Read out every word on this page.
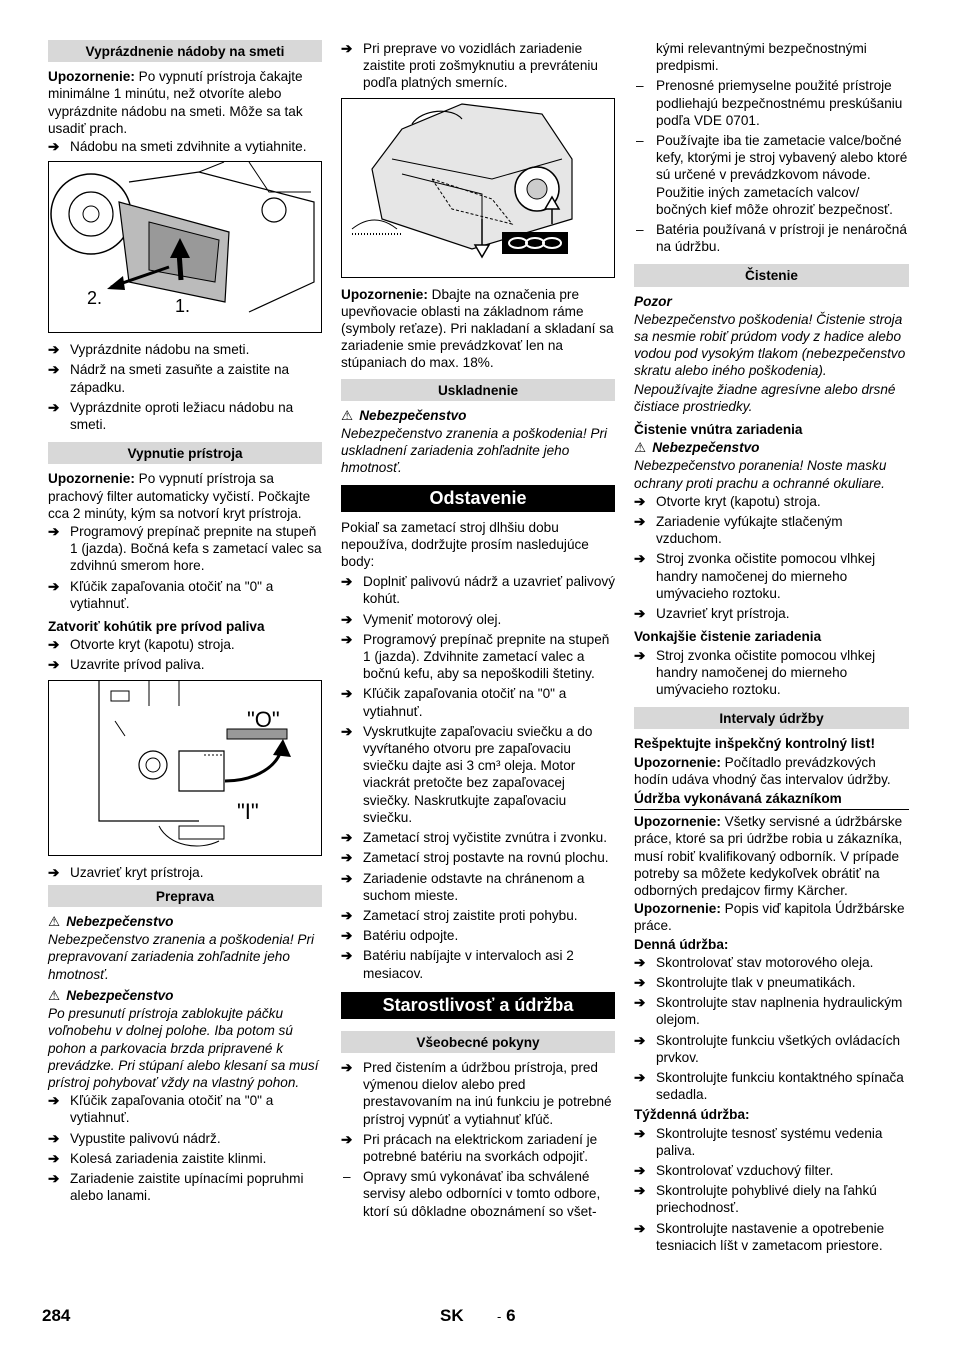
Vyprázdnenie nádoby na smeti

Upozornenie: Po vypnutí prístroja čakajte minimálne 1 minútu, než otvoríte alebo vyprázdnite nádobu na smeti. Môže sa tak usadiť prach.

➔ Nádobu na smeti zdvihnite a vytiahnite.
2.	1.
➔ Vyprázdnite nádobu na smeti.
➔ Nádrž na smeti zasuňte a zaistite na západku.
➔ Vyprázdnite oproti ležiacu nádobu na smeti.
Vypnutie prístroja

Upozornenie: Po vypnutí prístroja sa prachový filter automaticky vyčistí. Počkajte cca 2 minúty, kým sa notvorí kryt prístroja.

➔ Programový prepínač prepnite na stupeň 1 (jazda). Bočná kefa s zametací valec sa zdvihnú smerom hore.
➔ Kľúčik zapaľovania otočiť na "0" a vytiahnuť.
Zatvoriť kohútik pre prívod paliva
➔ Otvorte kryt (kapotu) stroja.
➔ Uzavrite prívod paliva.
"O"
"I"
➔ Uzavrieť kryt prístroja.
Preprava
⚠ Nebezpečenstvo

Nebezpečenstvo zranenia a poškodenia! Pri prepravovaní zariadenia zohľadnite jeho hmotnosť.

⚠ Nebezpečenstvo

Po presunutí prístroja zablokujte páčku voľnobehu v dolnej polohe. Iba potom sú pohon a parkovacia brzda pripravené k prevádzke. Pri stúpaní alebo klesaní sa musí prístroj pohybovať vždy na vlastný pohon.

➔ Kľúčik zapaľovania otočiť na "0" a vytiahnuť.
➔ Vypustite palivovú nádrž.
➔ Kolesá zariadenia zaistite klinmi.
➔ Zariadenie zaistite upínacími popruhmi alebo lanami.
➔ Pri preprave vo vozidlách zariadenie zaistite proti zošmyknutiu a prevráteniu podľa platných smerníc.

Upozornenie: Dbajte na označenia pre upevňovacie oblasti na základnom ráme (symboly reťaze). Pri nakladaní a skladaní sa zariadenie smie prevádzkovať len na stúpaniach do max. 18%.

Uskladnenie
⚠ Nebezpečenstvo

Nebezpečenstvo zranenia a poškodenia! Pri uskladnení zariadenia zohľadnite jeho hmotnosť.

Odstavenie

Pokiaľ sa zametací stroj dlhšiu dobu nepoužíva, dodržujte prosím nasledujúce body:

➔ Doplniť palivovú nádrž a uzavrieť palivový kohút.
➔ Vymeniť motorový olej.
➔ Programový prepínač prepnite na stupeň 1 (jazda). Zdvihnite zametací valec a bočnú kefu, aby sa nepoškodili štetiny.
➔ Kľúčik zapaľovania otočiť na "0" a vytiahnuť.
➔ Vyskrutkujte zapaľovaciu sviečku a do vyvŕtaného otvoru pre zapaľovaciu sviečku dajte asi 3 cm³ oleja. Motor viackrát pretočte bez zapaľovacej sviečky. Naskrutkujte zapaľovaciu sviečku.
➔ Zametací stroj vyčistite zvnútra i zvonku.
➔ Zametací stroj postavte na rovnú plochu.
➔ Zariadenie odstavte na chránenom a suchom mieste.
➔ Zametací stroj zaistite proti pohybu.
➔ Batériu odpojte.
➔ Batériu nabíjajte v intervaloch asi 2 mesiacov.
Starostlivosť a údržba
Všeobecné pokyny
➔ Pred čistením a údržbou prístroja, pred výmenou dielov alebo pred prestavovaním na inú funkciu je potrebné prístroj vypnúť a vytiahnuť kľúč.
➔ Pri prácach na elektrickom zariadení je potrebné batériu na svorkách odpojiť.
– Opravy smú vykonávať iba schválené servisy alebo odborníci v tomto odbore, ktorí sú dôkladne oboznámení so všet-
kými relevantnými bezpečnostnými predpismi.
– Prenosné priemyselne použité prístroje podliehajú bezpečnostnému preskúšaniu podľa VDE 0701.
– Používajte iba tie zametacie valce/bočné kefy, ktorými je stroj vybavený alebo ktoré sú určené v prevádzkovom návode. Použitie iných zametacích valcov/ bočných kief môže ohroziť bezpečnosť.
– Batéria používaná v prístroji je nenáročná na údržbu.
Čistenie
Pozor

Nebezpečenstvo poškodenia! Čistenie stroja sa nesmie robiť prúdom vody z hadice alebo vodou pod vysokým tlakom (nebezpečenstvo skratu alebo iného poškodenia).

Nepoužívajte žiadne agresívne alebo drsné čistiace prostriedky.

Čistenie vnútra zariadenia
⚠ Nebezpečenstvo

Nebezpečenstvo poranenia! Noste masku ochrany proti prachu a ochranné okuliare.

➔ Otvorte kryt (kapotu) stroja.
➔ Zariadenie vyfúkajte stlačeným vzduchom.
➔ Stroj zvonka očistite pomocou vlhkej handry namočenej do mierneho umývacieho roztoku.
➔ Uzavrieť kryt prístroja.
Vonkajšie čistenie zariadenia
➔ Stroj zvonka očistite pomocou vlhkej handry namočenej do mierneho umývacieho roztoku.
Intervaly údržby
Rešpektujte inšpekčný kontrolný list!

Upozornenie: Počítadlo prevádzkových hodín udáva vhodný čas intervalov údržby.

Údržba vykonávaná zákazníkom

Upozornenie: Všetky servisné a údržbárske práce, ktoré sa pri údržbe robia u zákazníka, musí robiť kvalifikovaný odborník. V prípade potreby sa môžete kedykoľvek obrátiť na odborných predajcov firmy Kärcher.

Upozornenie: Popis viď kapitola Údržbárske práce.

Denná údržba:
➔ Skontrolovať stav motorového oleja.
➔ Skontrolujte tlak v pneumatikách.
➔ Skontrolujte stav naplnenia hydraulickým olejom.
➔ Skontrolujte funkciu všetkých ovládacích prvkov.
➔ Skontrolujte funkciu kontaktného spínača sedadla.
Týždenná údržba:
➔ Skontrolujte tesnosť systému vedenia paliva.
➔ Skontrolovať vzduchový filter.
➔ Skontrolujte pohyblivé diely na ľahkú priechodnosť.
➔ Skontrolujte nastavenie a opotrebenie tesniacich líšt v zametacom priestore.
284	SK	- 6
